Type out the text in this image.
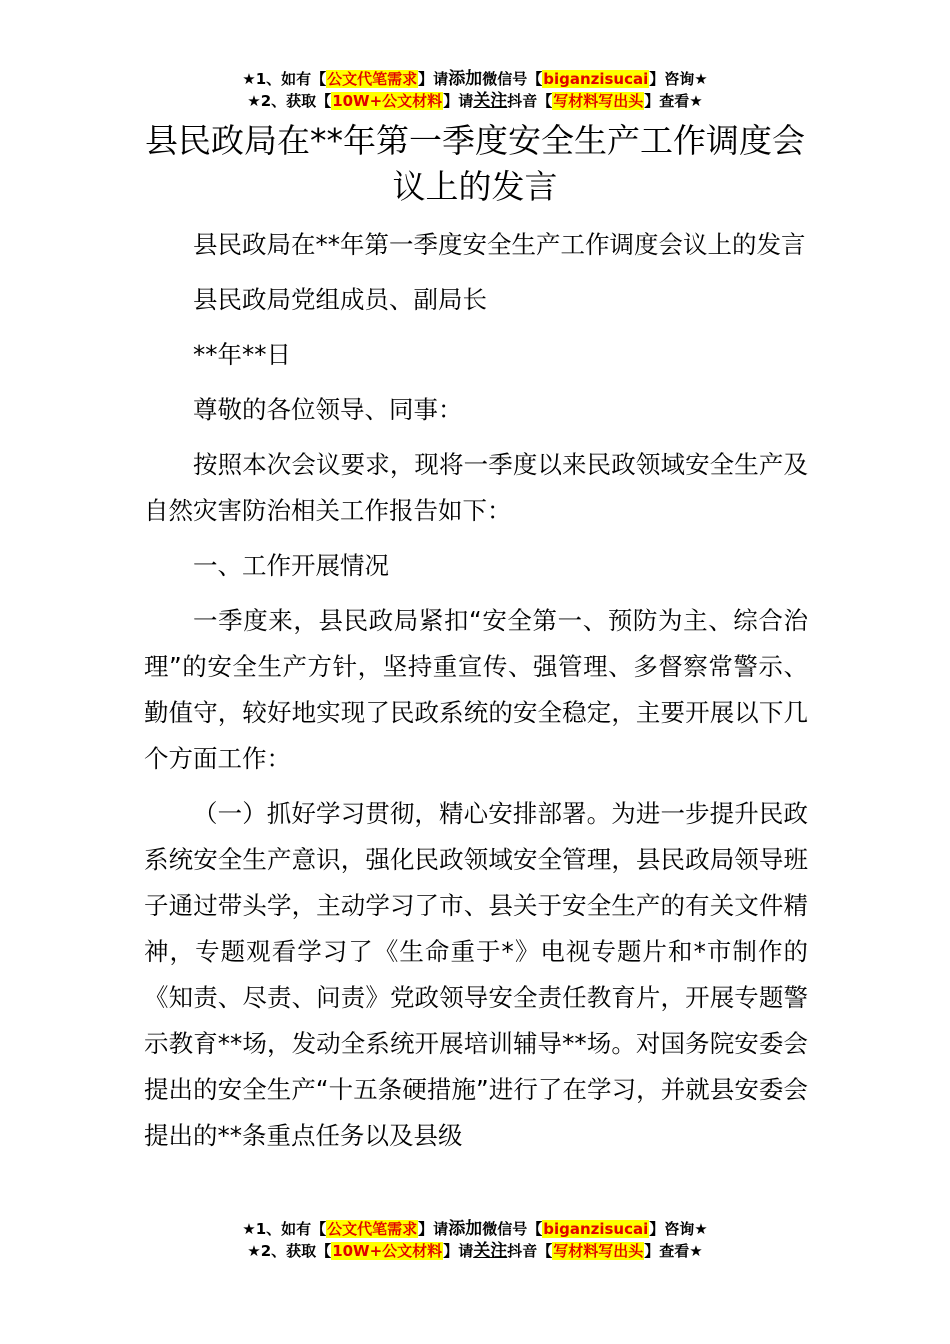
★1、如有【公文代笔需求】请添加微信号【biganzisucai】咨询★
★2、获取【10W+公文材料】请关注抖音【写材料写出头】查看★
县民政局在**年第一季度安全生产工作调度会议上的发言

县民政局在**年第一季度安全生产工作调度会议上的发言

县民政局党组成员、副局长

**年**日

尊敬的各位领导、同事：

按照本次会议要求，现将一季度以来民政领域安全生产及自然灾害防治相关工作报告如下：

一、工作开展情况

一季度来，县民政局紧扣“安全第一、预防为主、综合治理”的安全生产方针，坚持重宣传、强管理、多督察常警示、勤值守，较好地实现了民政系统的安全稳定，主要开展以下几个方面工作：

（一）抓好学习贯彻，精心安排部署。为进一步提升民政系统安全生产意识，强化民政领域安全管理，县民政局领导班子通过带头学，主动学习了市、县关于安全生产的有关文件精神，专题观看学习了《生命重于*》电视专题片和*市制作的《知责、尽责、问责》党政领导安全责任教育片，开展专题警示教育**场，发动全系统开展培训辅导**场。对国务院安委会提出的安全生产“十五条硬措施”进行了在学习，并就县安委会提出的**条重点任务以及县级

★1、如有【公文代笔需求】请添加微信号【biganzisucai】咨询★
★2、获取【10W+公文材料】请关注抖音【写材料写出头】查看★
